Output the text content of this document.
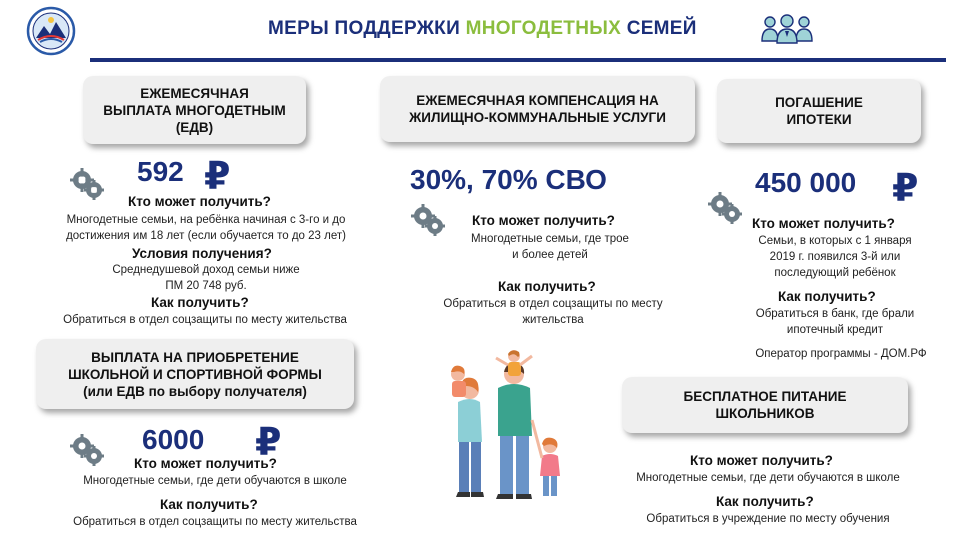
МЕРЫ ПОДДЕРЖКИ МНОГОДЕТНЫХ СЕМЕЙ
ЕЖЕМЕСЯЧНАЯ
ВЫПЛАТА МНОГОДЕТНЫМ
(ЕДВ)
592 ₽
Кто может получить?
Многодетные семьи, на ребёнка начиная с 3-го и до
достижения им 18 лет (если обучается то до 23 лет)
Условия получения?
Среднедушевой доход семьи ниже
ПМ 20 748 руб.
Как получить?
Обратиться в отдел соцзащиты по месту жительства
ВЫПЛАТА НА ПРИОБРЕТЕНИЕ
ШКОЛЬНОЙ И СПОРТИВНОЙ ФОРМЫ
(или ЕДВ по выбору получателя)
6000 ₽
Кто может получить?
Многодетные семьи, где дети обучаются в школе
Как получить?
Обратиться в отдел соцзащиты по месту жительства
ЕЖЕМЕСЯЧНАЯ КОМПЕНСАЦИЯ НА
ЖИЛИЩНО-КОММУНАЛЬНЫЕ УСЛУГИ
30%, 70% СВО
Кто может получить?
Многодетные семьи, где трое
и более детей
Как получить?
Обратиться в отдел соцзащиты по месту
жительства
ПОГАШЕНИЕ
ИПОТЕКИ
450 000 ₽
Кто может получить?
Семьи, в которых с 1 января
2019 г. появился 3-й или
последующий ребёнок
Как получить?
Обратиться в банк, где брали
ипотечный кредит
Оператор программы - ДОМ.РФ
БЕСПЛАТНОЕ ПИТАНИЕ
ШКОЛЬНИКОВ
Кто может получить?
Многодетные семьи, где дети обучаются в школе
Как получить?
Обратиться в учреждение по месту обучения
